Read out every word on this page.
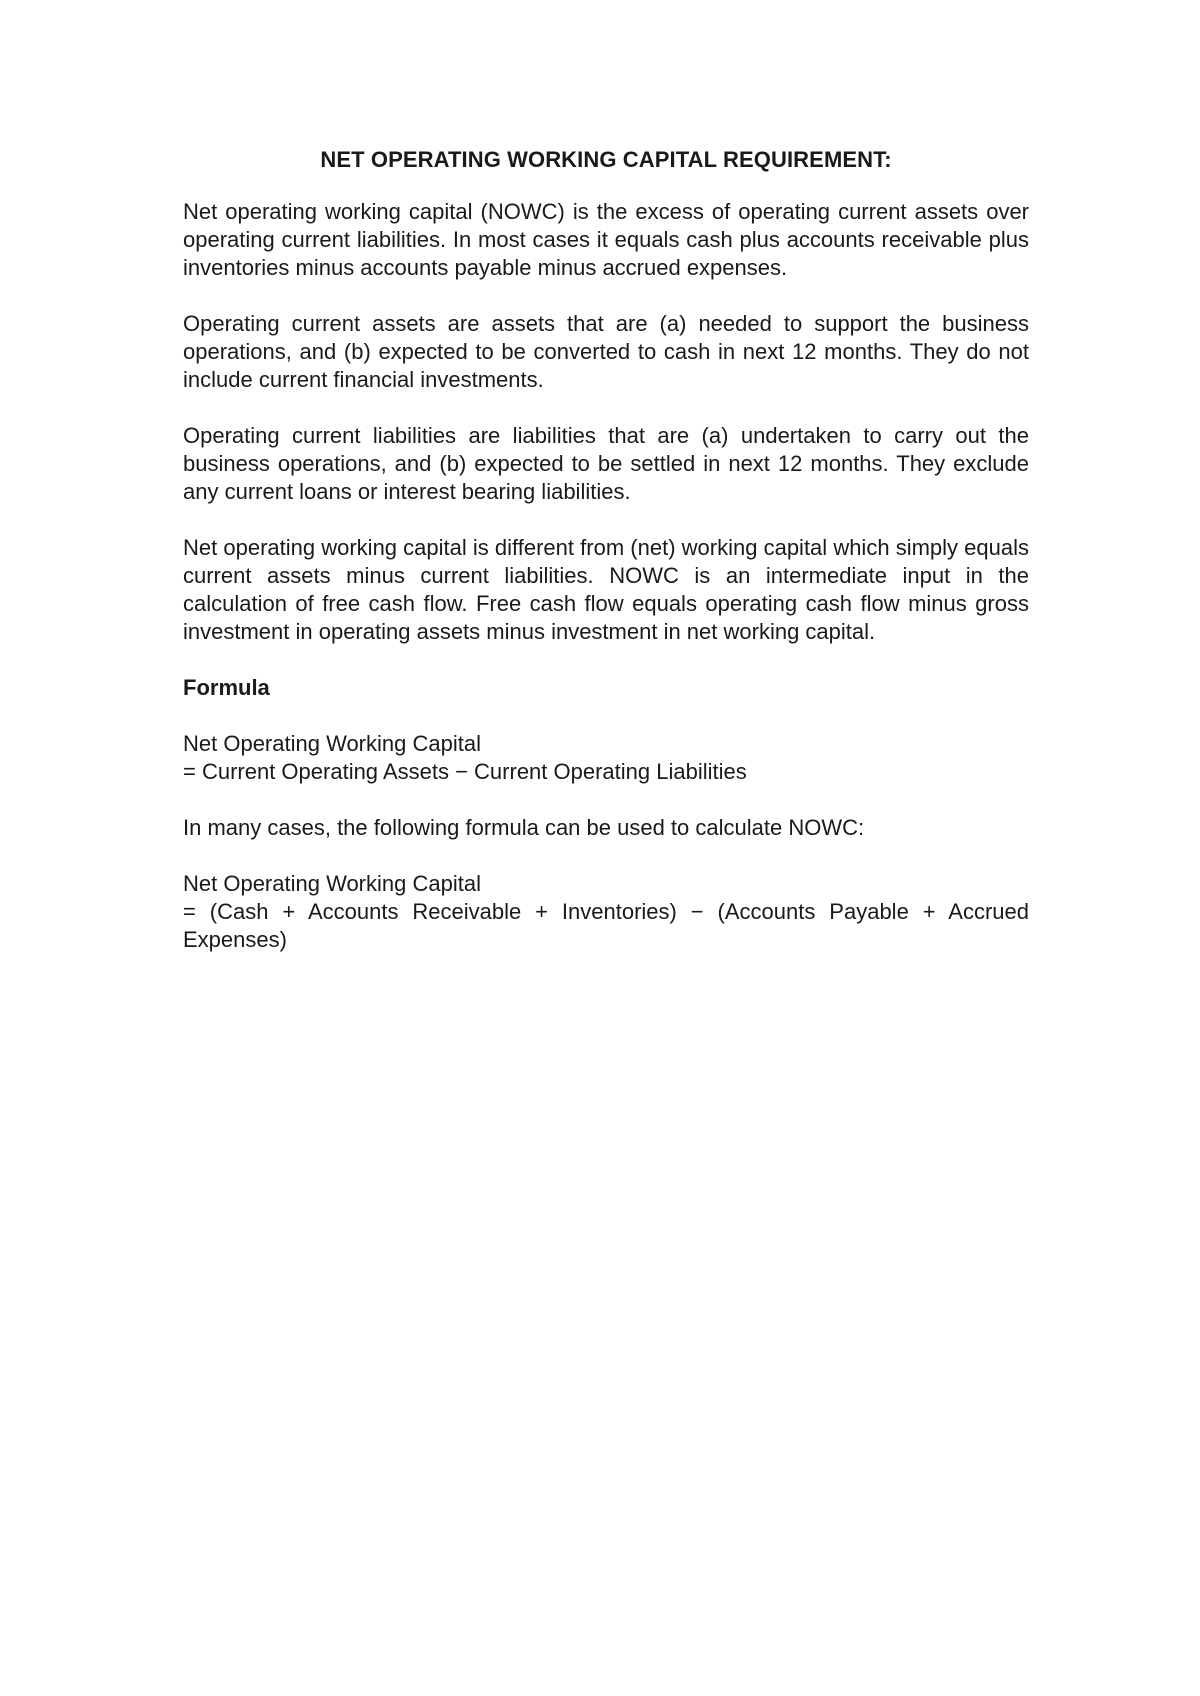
NET OPERATING WORKING CAPITAL REQUIREMENT:

Net operating working capital (NOWC) is the excess of operating current assets over operating current liabilities. In most cases it equals cash plus accounts receivable plus inventories minus accounts payable minus accrued expenses.

Operating current assets are assets that are (a) needed to support the business operations, and (b) expected to be converted to cash in next 12 months. They do not include current financial investments.

Operating current liabilities are liabilities that are (a) undertaken to carry out the business operations, and (b) expected to be settled in next 12 months. They exclude any current loans or interest bearing liabilities.

Net operating working capital is different from (net) working capital which simply equals current assets minus current liabilities. NOWC is an intermediate input in the calculation of free cash flow. Free cash flow equals operating cash flow minus gross investment in operating assets minus investment in net working capital.

Formula
Net Operating Working Capital
= Current Operating Assets − Current Operating Liabilities

In many cases, the following formula can be used to calculate NOWC:

Net Operating Working Capital
= (Cash + Accounts Receivable + Inventories) − (Accounts Payable + Accrued Expenses)
